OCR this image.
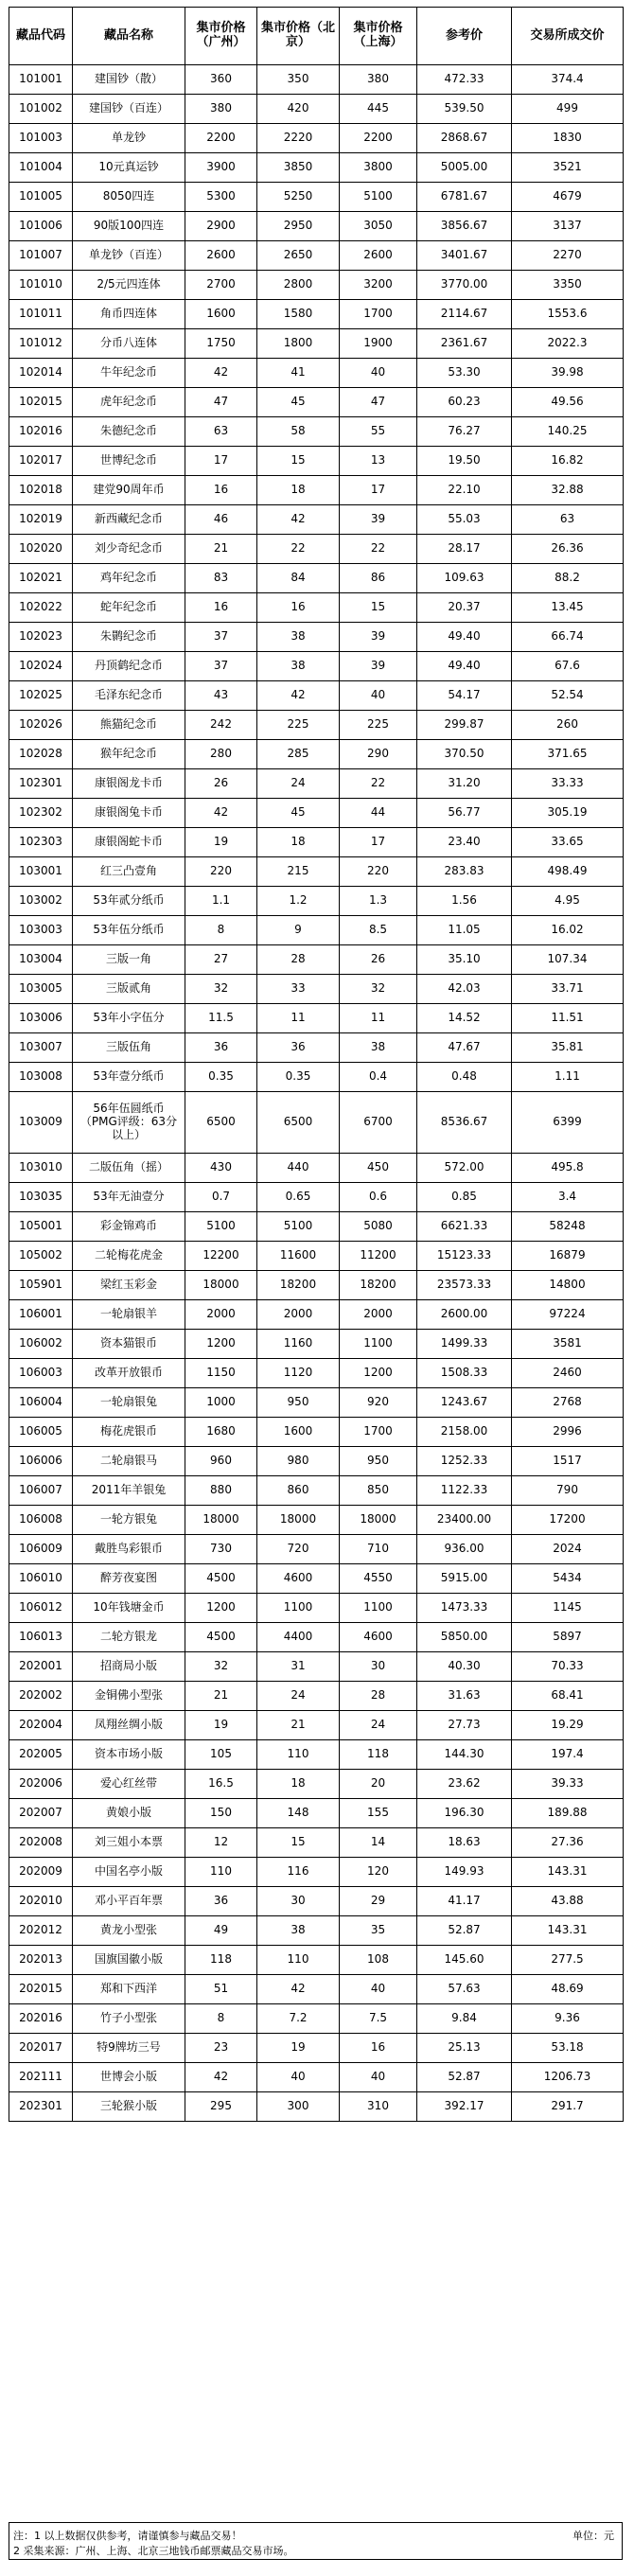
藏品代码	藏品名称	集市价格（广州）	集市价格（北京）	集市价格（上海）	参考价	交易所成交价
101001	建国钞（散）	360	350	380	472.33	374.4
101002	建国钞（百连）	380	420	445	539.50	499
101003	单龙钞	2200	2220	2200	2868.67	1830
101004	10元真运钞	3900	3850	3800	5005.00	3521
101005	8050四连	5300	5250	5100	6781.67	4679
101006	90版100四连	2900	2950	3050	3856.67	3137
101007	单龙钞（百连）	2600	2650	2600	3401.67	2270
101010	2/5元四连体	2700	2800	3200	3770.00	3350
101011	角币四连体	1600	1580	1700	2114.67	1553.6
101012	分币八连体	1750	1800	1900	2361.67	2022.3
102014	牛年纪念币	42	41	40	53.30	39.98
102015	虎年纪念币	47	45	47	60.23	49.56
102016	朱德纪念币	63	58	55	76.27	140.25
102017	世博纪念币	17	15	13	19.50	16.82
102018	建党90周年币	16	18	17	22.10	32.88
102019	新西藏纪念币	46	42	39	55.03	63
102020	刘少奇纪念币	21	22	22	28.17	26.36
102021	鸡年纪念币	83	84	86	109.63	88.2
102022	蛇年纪念币	16	16	15	20.37	13.45
102023	朱鹮纪念币	37	38	39	49.40	66.74
102024	丹顶鹤纪念币	37	38	39	49.40	67.6
102025	毛泽东纪念币	43	42	40	54.17	52.54
102026	熊猫纪念币	242	225	225	299.87	260
102028	猴年纪念币	280	285	290	370.50	371.65
102301	康银阁龙卡币	26	24	22	31.20	33.33
102302	康银阁兔卡币	42	45	44	56.77	305.19
102303	康银阁蛇卡币	19	18	17	23.40	33.65
103001	红三凸壹角	220	215	220	283.83	498.49
103002	53年贰分纸币	1.1	1.2	1.3	1.56	4.95
103003	53年伍分纸币	8	9	8.5	11.05	16.02
103004	三版一角	27	28	26	35.10	107.34
103005	三版贰角	32	33	32	42.03	33.71
103006	53年小字伍分	11.5	11	11	14.52	11.51
103007	三版伍角	36	36	38	47.67	35.81
103008	53年壹分纸币	0.35	0.35	0.4	0.48	1.11
103009	56年伍圆纸币（PMG评级：63分以上）	6500	6500	6700	8536.67	6399
103010	二版伍角（摇）	430	440	450	572.00	495.8
103035	53年无油壹分	0.7	0.65	0.6	0.85	3.4
105001	彩金锦鸡币	5100	5100	5080	6621.33	58248
105002	二轮梅花虎金	12200	11600	11200	15123.33	16879
105901	梁红玉彩金	18000	18200	18200	23573.33	14800
106001	一轮扇银羊	2000	2000	2000	2600.00	97224
106002	资本猫银币	1200	1160	1100	1499.33	3581
106003	改革开放银币	1150	1120	1200	1508.33	2460
106004	一轮扇银兔	1000	950	920	1243.67	2768
106005	梅花虎银币	1680	1600	1700	2158.00	2996
106006	二轮扇银马	960	980	950	1252.33	1517
106007	2011年羊银兔	880	860	850	1122.33	790
106008	一轮方银兔	18000	18000	18000	23400.00	17200
106009	戴胜鸟彩银币	730	720	710	936.00	2024
106010	醉芳夜宴图	4500	4600	4550	5915.00	5434
106012	10年钱塘金币	1200	1100	1100	1473.33	1145
106013	二轮方银龙	4500	4400	4600	5850.00	5897
202001	招商局小版	32	31	30	40.30	70.33
202002	金铜佛小型张	21	24	28	31.63	68.41
202004	凤翔丝绸小版	19	21	24	27.73	19.29
202005	资本市场小版	105	110	118	144.30	197.4
202006	爱心红丝带	16.5	18	20	23.62	39.33
202007	黄娘小版	150	148	155	196.30	189.88
202008	刘三姐小本票	12	15	14	18.63	27.36
202009	中国名亭小版	110	116	120	149.93	143.31
202010	邓小平百年票	36	30	29	41.17	43.88
202012	黄龙小型张	49	38	35	52.87	143.31
202013	国旗国徽小版	118	110	108	145.60	277.5
202015	郑和下西洋	51	42	40	57.63	48.69
202016	竹子小型张	8	7.2	7.5	9.84	9.36
202017	特9牌坊三号	23	19	16	25.13	53.18
202111	世博会小版	42	40	40	52.87	1206.73
202301	三轮猴小版	295	300	310	392.17	291.7
注：1 以上数据仅供参考，请谨慎参与藏品交易！
2 采集来源：广州、上海、北京三地钱币邮票藏品交易市场。
单位：元
